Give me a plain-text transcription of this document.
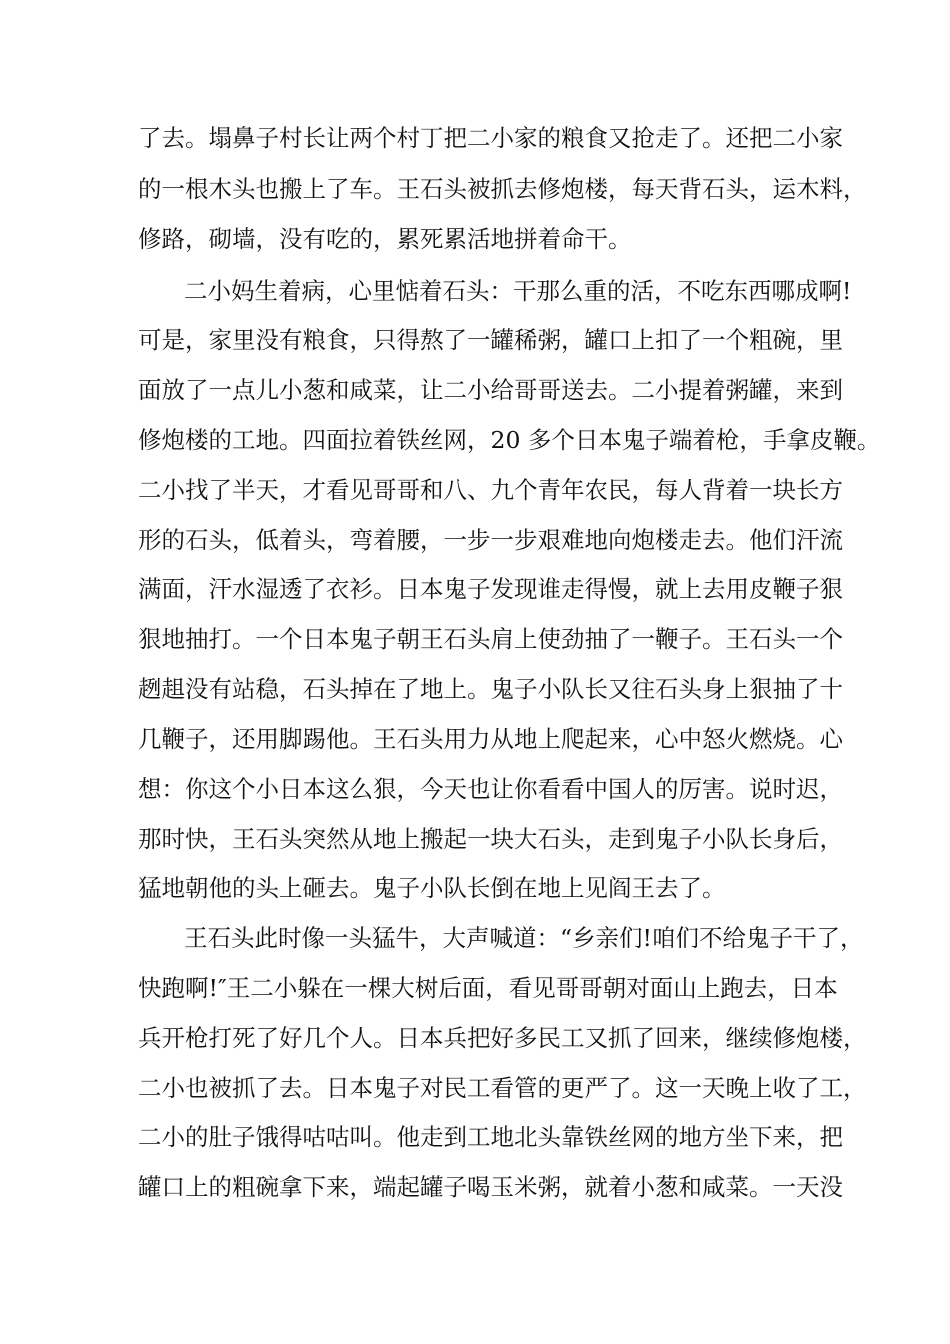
了去。塌鼻子村长让两个村丁把二小家的粮食又抢走了。还把二小家
的一根木头也搬上了车。王石头被抓去修炮楼，每天背石头，运木料，
修路，砌墙，没有吃的，累死累活地拼着命干。
二小妈生着病，心里惦着石头：干那么重的活，不吃东西哪成啊!
可是，家里没有粮食，只得熬了一罐稀粥，罐口上扣了一个粗碗，里
面放了一点儿小葱和咸菜，让二小给哥哥送去。二小提着粥罐，来到
修炮楼的工地。四面拉着铁丝网，20 多个日本鬼子端着枪，手拿皮鞭。
二小找了半天，才看见哥哥和八、九个青年农民，每人背着一块长方
形的石头，低着头，弯着腰，一步一步艰难地向炮楼走去。他们汗流
满面，汗水湿透了衣衫。日本鬼子发现谁走得慢，就上去用皮鞭子狠
狠地抽打。一个日本鬼子朝王石头肩上使劲抽了一鞭子。王石头一个
趔趄没有站稳，石头掉在了地上。鬼子小队长又往石头身上狠抽了十
几鞭子，还用脚踢他。王石头用力从地上爬起来，心中怒火燃烧。心
想：你这个小日本这么狠，今天也让你看看中国人的厉害。说时迟，
那时快，王石头突然从地上搬起一块大石头，走到鬼子小队长身后，
猛地朝他的头上砸去。鬼子小队长倒在地上见阎王去了。
王石头此时像一头猛牛，大声喊道：“乡亲们!咱们不给鬼子干了，
快跑啊!″王二小躲在一棵大树后面，看见哥哥朝对面山上跑去，日本
兵开枪打死了好几个人。日本兵把好多民工又抓了回来，继续修炮楼，
二小也被抓了去。日本鬼子对民工看管的更严了。这一天晚上收了工，
二小的肚子饿得咕咕叫。他走到工地北头靠铁丝网的地方坐下来，把
罐口上的粗碗拿下来，端起罐子喝玉米粥，就着小葱和咸菜。一天没
